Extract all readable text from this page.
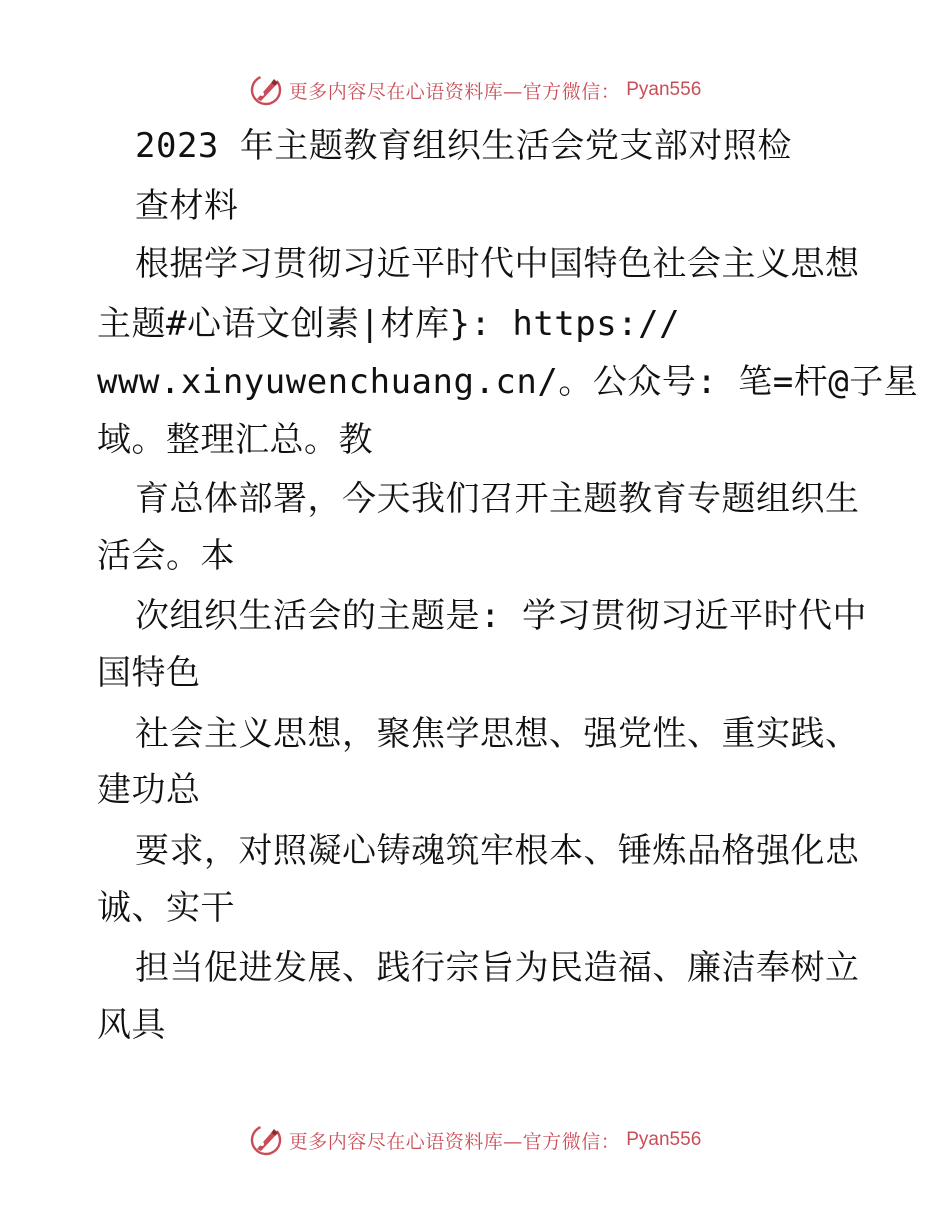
更多内容尽在心语资料库—官方微信： Pyan556
2023 年主题教育组织生活会党支部对照检
查材料
根据学习贯彻习近平时代中国特色社会主义思想
主题#心语文创素|材库}: https://
www.xinyuwenchuang.cn/。公众号: 笔=杆@子星
域。整理汇总。教
育总体部署，今天我们召开主题教育专题组织生
活会。本
次组织生活会的主题是: 学习贯彻习近平时代中
国特色
社会主义思想，聚焦学思想、强党性、重实践、
建功总
要求，对照凝心铸魂筑牢根本、锤炼品格强化忠
诚、实干
担当促进发展、践行宗旨为民造福、廉洁奉树立
风具
更多内容尽在心语资料库—官方微信： Pyan556
